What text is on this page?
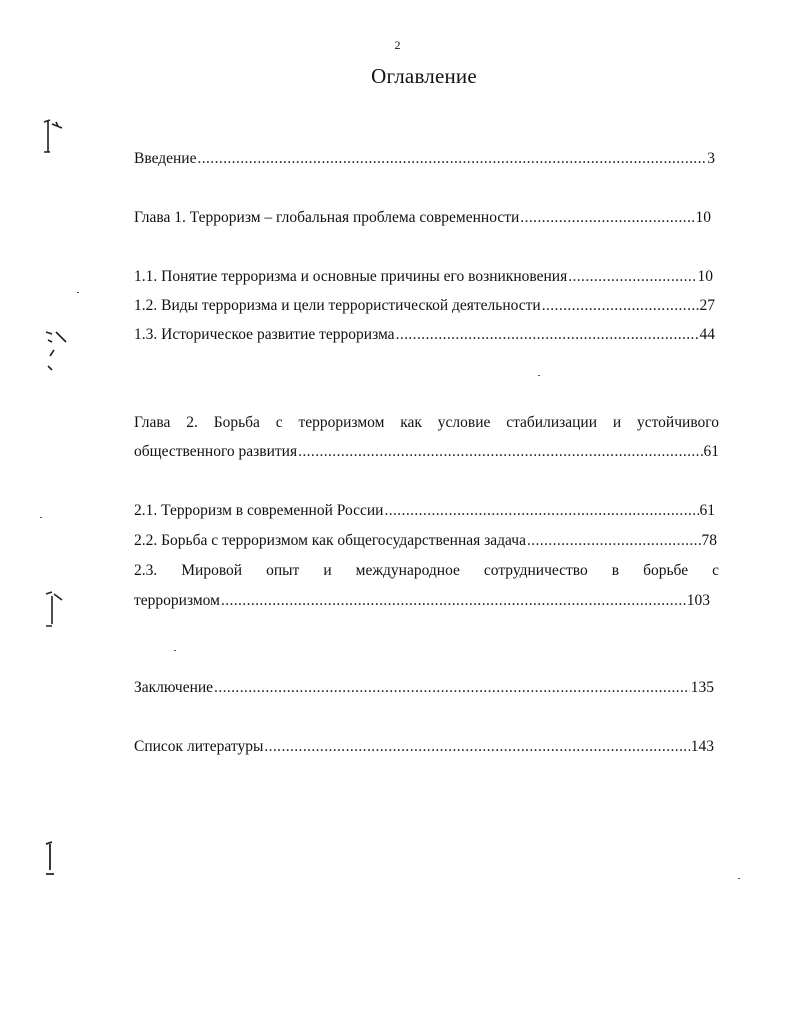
2
Оглавление
Введение .....	3
Глава 1. Терроризм – глобальная проблема современности .....	10
1.1. Понятие терроризма и основные причины его возникновения .....	10
1.2. Виды терроризма и цели террористической деятельности .....	27
1.3. Историческое развитие терроризма .....	44
Глава 2. Борьба с терроризмом как условие стабилизации и устойчивого
общественного развития .....	61
2.1. Терроризм в современной России .....	61
2.2. Борьба с терроризмом как общегосударственная задача .....	78
2.3. Мировой опыт и международное сотрудничество в борьбе с
терроризмом .....	103
Заключение .....	135
Список литературы .....	143
